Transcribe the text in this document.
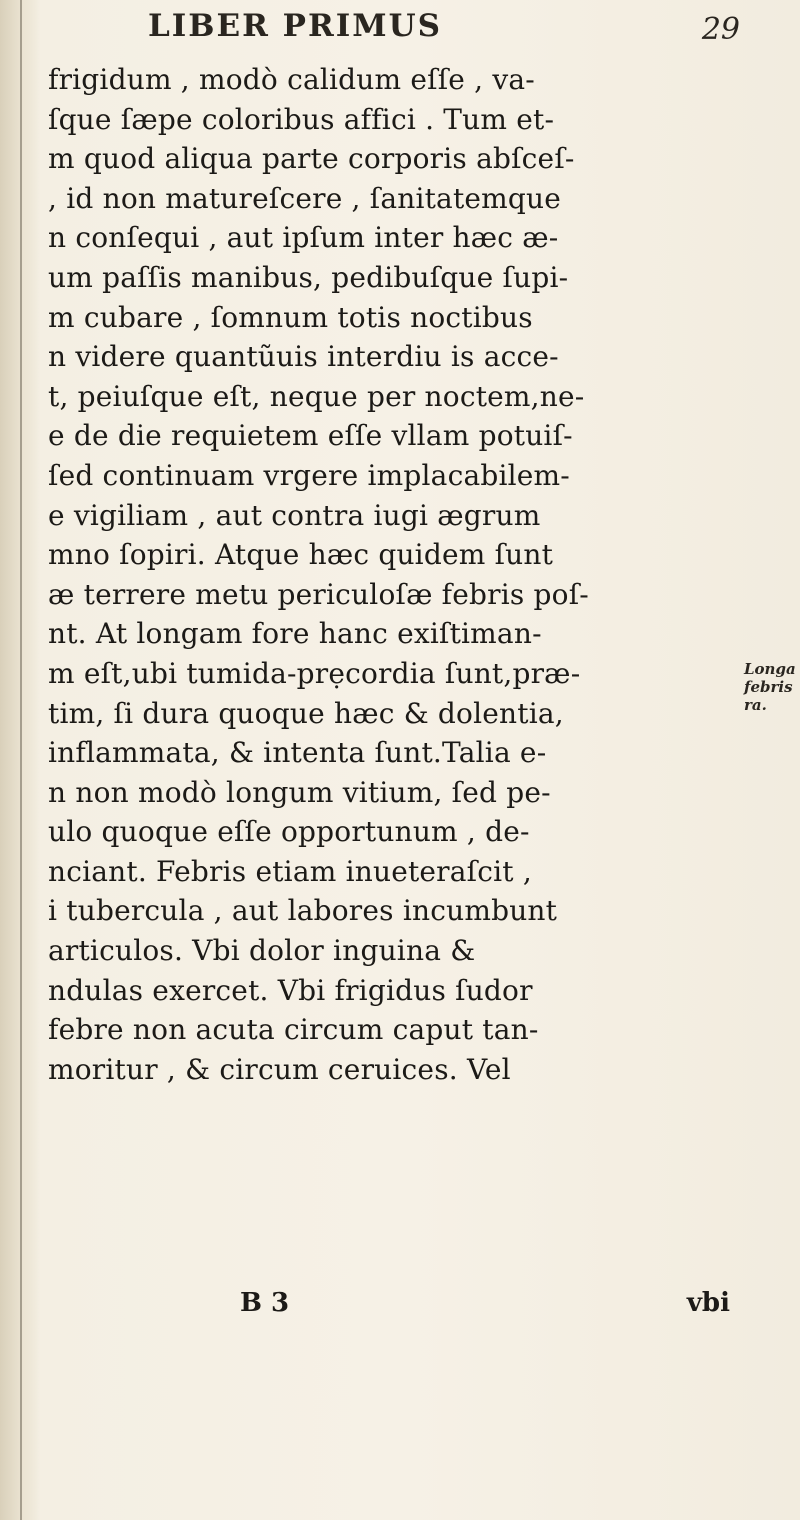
LIBER PRIMUS	29
frigidum , modò calidum eſſe , va-
ſque ſæpe coloribus affici . Tum et-
m quod aliqua parte corporis abſceſ-
, id non matureſcere , ſanitatemque
n conſequi , aut ipſum inter hæc æ-
um paſſis manibus, pedibuſque ſupi-
m cubare , ſomnum totis noctibus
n videre quantũuis interdiu is acce-
t, peiuſque eſt, neque per noctem,ne-
e de die requietem eſſe vllam potuiſ-
ſed continuam vrgere implacabilem-
e vigiliam , aut contra iugi ægrum
mno ſopiri. Atque hæc quidem ſunt
æ terrere metu periculoſæ febris poſ-
nt. At longam fore hanc exiſtiman-
m eſt,ubi tumida-prẹcordia ſunt,præ-
tim, ſi dura quoque hæc & dolentia,
inflammata, & intenta ſunt.Talia e-
n non modò longum vitium, ſed pe-
ulo quoque eſſe opportunum , de-
nciant. Febris etiam inueteraſcit ,
i tubercula , aut labores incumbunt
articulos. Vbi dolor inguina &
ndulas exercet. Vbi frigidus ſudor
febre non acuta circum caput tan-
moritur , & circum ceruices. Vel
B 3	vbi
Longa
febris
ra.
